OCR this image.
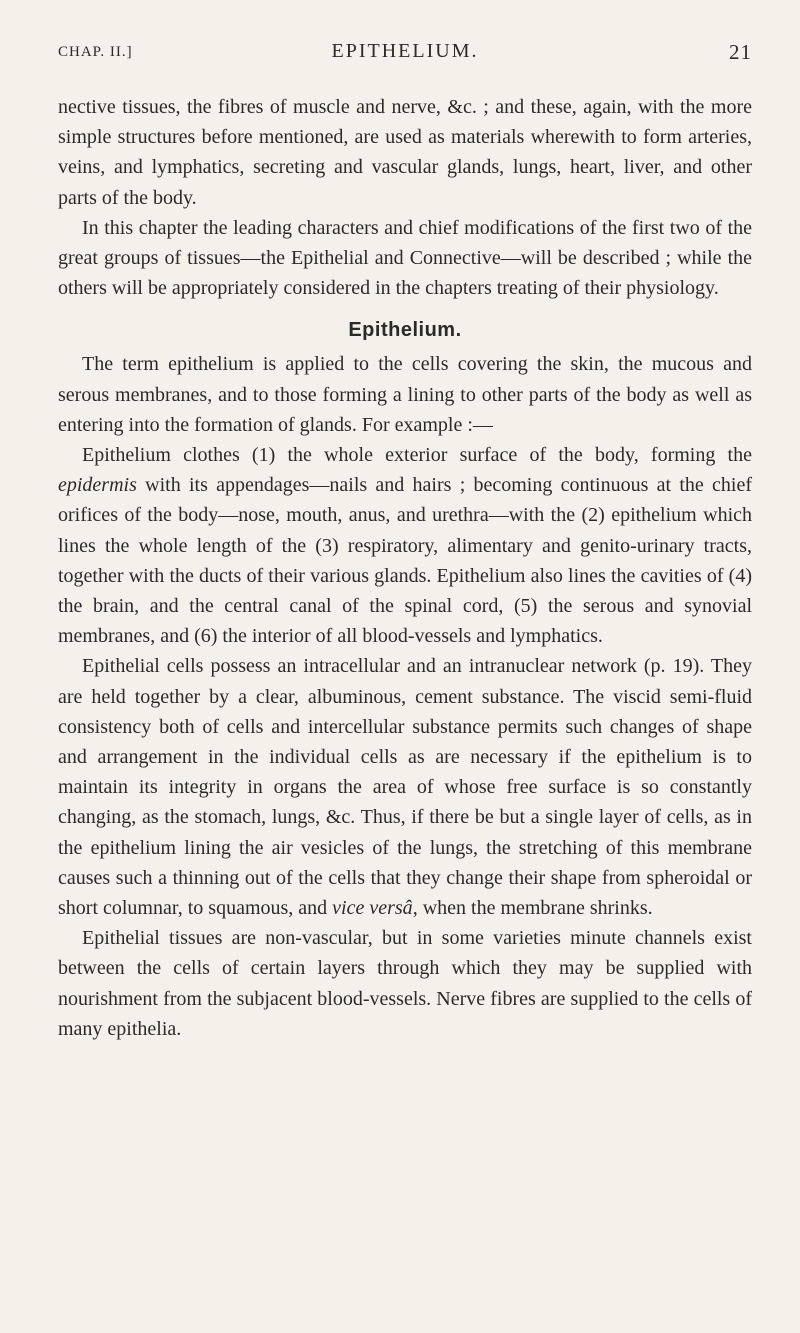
CHAP. II.]	EPITHELIUM.	21

nective tissues, the fibres of muscle and nerve, &c. ; and these, again, with the more simple structures before mentioned, are used as materials wherewith to form arteries, veins, and lymphatics, secreting and vascular glands, lungs, heart, liver, and other parts of the body.

In this chapter the leading characters and chief modifications of the first two of the great groups of tissues—the Epithelial and Connective—will be described ; while the others will be appropriately considered in the chapters treating of their physiology.

Epithelium.

The term epithelium is applied to the cells covering the skin, the mucous and serous membranes, and to those forming a lining to other parts of the body as well as entering into the formation of glands. For example :—

Epithelium clothes (1) the whole exterior surface of the body, forming the epidermis with its appendages—nails and hairs ; becoming continuous at the chief orifices of the body—nose, mouth, anus, and urethra—with the (2) epithelium which lines the whole length of the (3) respiratory, alimentary and genito-urinary tracts, together with the ducts of their various glands. Epithelium also lines the cavities of (4) the brain, and the central canal of the spinal cord, (5) the serous and synovial membranes, and (6) the interior of all blood-vessels and lymphatics.

Epithelial cells possess an intracellular and an intranuclear network (p. 19). They are held together by a clear, albuminous, cement substance. The viscid semi-fluid consistency both of cells and intercellular substance permits such changes of shape and arrangement in the individual cells as are necessary if the epithelium is to maintain its integrity in organs the area of whose free surface is so constantly changing, as the stomach, lungs, &c. Thus, if there be but a single layer of cells, as in the epithelium lining the air vesicles of the lungs, the stretching of this membrane causes such a thinning out of the cells that they change their shape from spheroidal or short columnar, to squamous, and vice versâ, when the membrane shrinks.

Epithelial tissues are non-vascular, but in some varieties minute channels exist between the cells of certain layers through which they may be supplied with nourishment from the subjacent blood-vessels. Nerve fibres are supplied to the cells of many epithelia.
